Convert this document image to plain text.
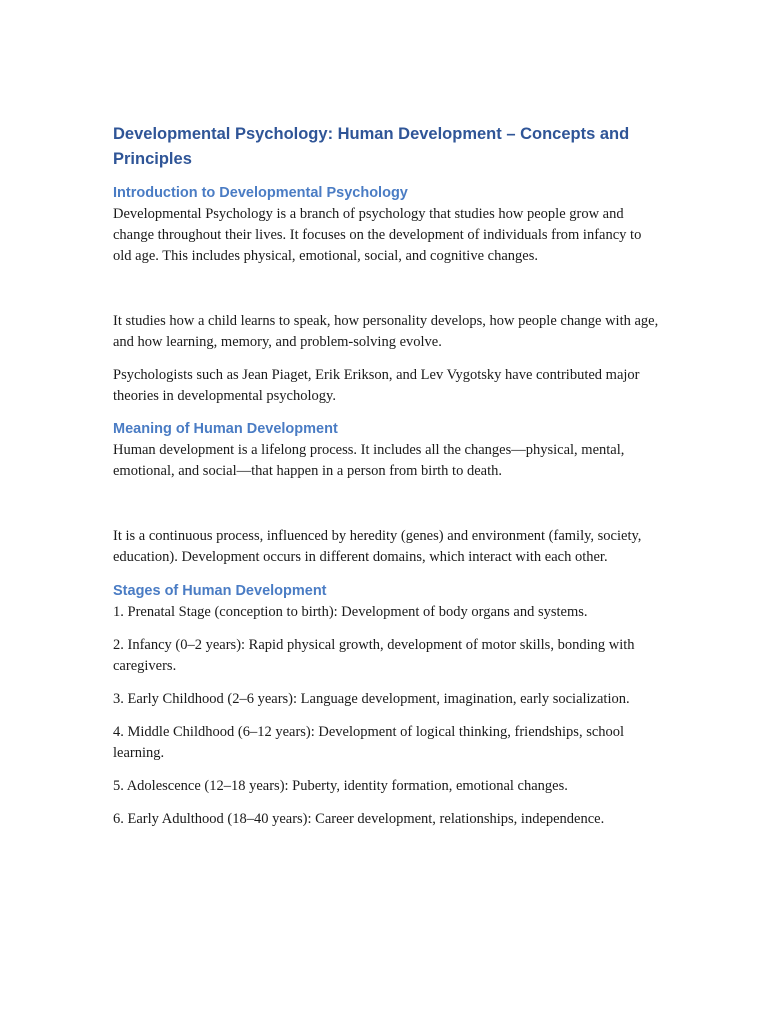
Developmental Psychology: Human Development – Concepts and Principles
Introduction to Developmental Psychology

Developmental Psychology is a branch of psychology that studies how people grow and change throughout their lives. It focuses on the development of individuals from infancy to old age. This includes physical, emotional, social, and cognitive changes.

It studies how a child learns to speak, how personality develops, how people change with age, and how learning, memory, and problem-solving evolve.

Psychologists such as Jean Piaget, Erik Erikson, and Lev Vygotsky have contributed major theories in developmental psychology.

Meaning of Human Development

Human development is a lifelong process. It includes all the changes—physical, mental, emotional, and social—that happen in a person from birth to death.

It is a continuous process, influenced by heredity (genes) and environment (family, society, education). Development occurs in different domains, which interact with each other.

Stages of Human Development

1. Prenatal Stage (conception to birth): Development of body organs and systems.

2. Infancy (0–2 years): Rapid physical growth, development of motor skills, bonding with caregivers.

3. Early Childhood (2–6 years): Language development, imagination, early socialization.

4. Middle Childhood (6–12 years): Development of logical thinking, friendships, school learning.

5. Adolescence (12–18 years): Puberty, identity formation, emotional changes.

6. Early Adulthood (18–40 years): Career development, relationships, independence.
